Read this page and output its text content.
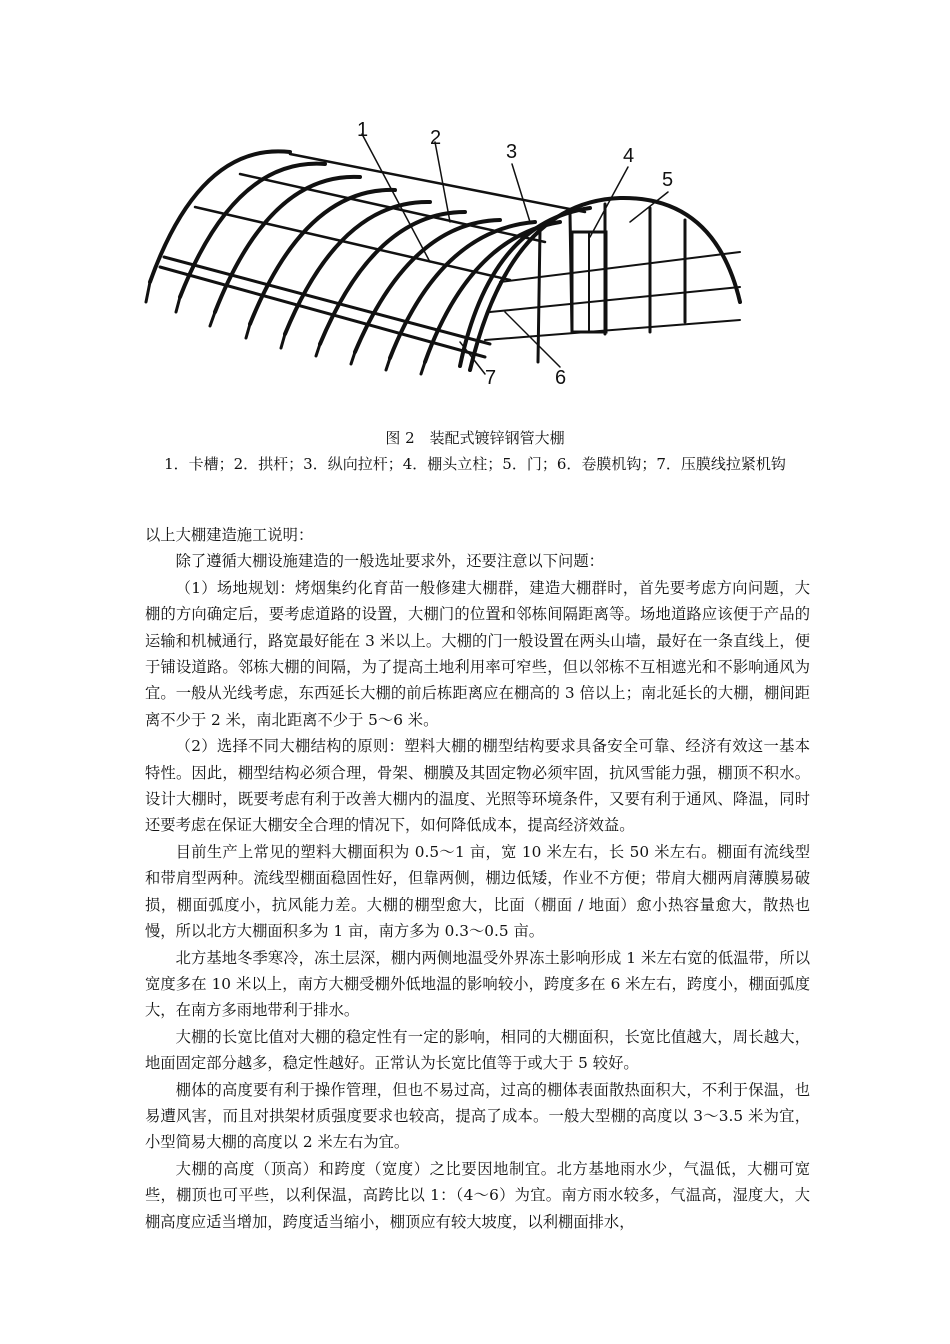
1	2
3	4
5
7	6
图 2　装配式镀锌钢管大棚
1．卡槽；2．拱杆；3．纵向拉杆；4．棚头立柱；5．门；6．卷膜机钩；7．压膜线拉紧机钩

以上大棚建造施工说明：

除了遵循大棚设施建造的一般选址要求外，还要注意以下问题：

（1）场地规划：烤烟集约化育苗一般修建大棚群，建造大棚群时，首先要考虑方向问题，大棚的方向确定后，要考虑道路的设置，大棚门的位置和邻栋间隔距离等。场地道路应该便于产品的运输和机械通行，路宽最好能在 3 米以上。大棚的门一般设置在两头山墙，最好在一条直线上，便于铺设道路。邻栋大棚的间隔，为了提高土地利用率可窄些，但以邻栋不互相遮光和不影响通风为宜。一般从光线考虑，东西延长大棚的前后栋距离应在棚高的 3 倍以上；南北延长的大棚，棚间距离不少于 2 米，南北距离不少于 5～6 米。

（2）选择不同大棚结构的原则：塑料大棚的棚型结构要求具备安全可靠、经济有效这一基本特性。因此，棚型结构必须合理，骨架、棚膜及其固定物必须牢固，抗风雪能力强，棚顶不积水。设计大棚时，既要考虑有利于改善大棚内的温度、光照等环境条件，又要有利于通风、降温，同时还要考虑在保证大棚安全合理的情况下，如何降低成本，提高经济效益。

目前生产上常见的塑料大棚面积为 0.5～1 亩，宽 10 米左右，长 50 米左右。棚面有流线型和带肩型两种。流线型棚面稳固性好，但靠两侧，棚边低矮，作业不方便；带肩大棚两肩薄膜易破损，棚面弧度小，抗风能力差。大棚的棚型愈大，比面（棚面 / 地面）愈小热容量愈大，散热也慢，所以北方大棚面积多为 1 亩，南方多为 0.3～0.5 亩。

北方基地冬季寒冷，冻土层深，棚内两侧地温受外界冻土影响形成 1 米左右宽的低温带，所以宽度多在 10 米以上，南方大棚受棚外低地温的影响较小，跨度多在 6 米左右，跨度小，棚面弧度大，在南方多雨地带利于排水。

大棚的长宽比值对大棚的稳定性有一定的影响，相同的大棚面积，长宽比值越大，周长越大，地面固定部分越多，稳定性越好。正常认为长宽比值等于或大于 5 较好。

棚体的高度要有利于操作管理，但也不易过高，过高的棚体表面散热面积大，不利于保温，也易遭风害，而且对拱架材质强度要求也较高，提高了成本。一般大型棚的高度以 3～3.5 米为宜，小型简易大棚的高度以 2 米左右为宜。

大棚的高度（顶高）和跨度（宽度）之比要因地制宜。北方基地雨水少，气温低，大棚可宽些，棚顶也可平些，以利保温，高跨比以 1：（4～6）为宜。南方雨水较多，气温高，湿度大，大棚高度应适当增加，跨度适当缩小，棚顶应有较大坡度，以利棚面排水，
